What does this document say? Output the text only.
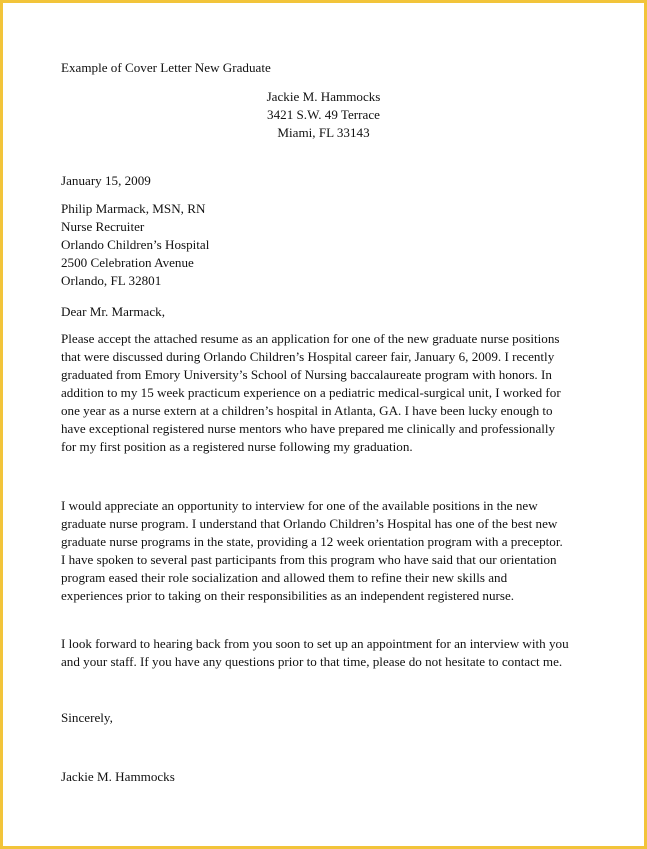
Example of Cover Letter New Graduate
Jackie M. Hammocks
3421 S.W. 49 Terrace
Miami, FL 33143
January 15, 2009
Philip Marmack, MSN, RN
Nurse Recruiter
Orlando Children’s Hospital
2500 Celebration Avenue
Orlando, FL 32801
Dear Mr. Marmack,
Please accept the attached resume as an application for one of the new graduate nurse positions
that were discussed during Orlando Children’s Hospital career fair, January 6, 2009. I recently
graduated from Emory University’s School of Nursing baccalaureate program with honors. In
addition to my 15 week practicum experience on a pediatric medical-surgical unit, I worked for
one year as a nurse extern at a children’s hospital in Atlanta, GA. I have been lucky enough to
have exceptional registered nurse mentors who have prepared me clinically and professionally
for my first position as a registered nurse following my graduation.
I would appreciate an opportunity to interview for one of the available positions in the new
graduate nurse program. I understand that Orlando Children’s Hospital has one of the best new
graduate nurse programs in the state, providing a 12 week orientation program with a preceptor.
I have spoken to several past participants from this program who have said that our orientation
program eased their role socialization and allowed them to refine their new skills and
experiences prior to taking on their responsibilities as an independent registered nurse.
I look forward to hearing back from you soon to set up an appointment for an interview with you
and your staff. If you have any questions prior to that time, please do not hesitate to contact me.
Sincerely,
Jackie M. Hammocks
